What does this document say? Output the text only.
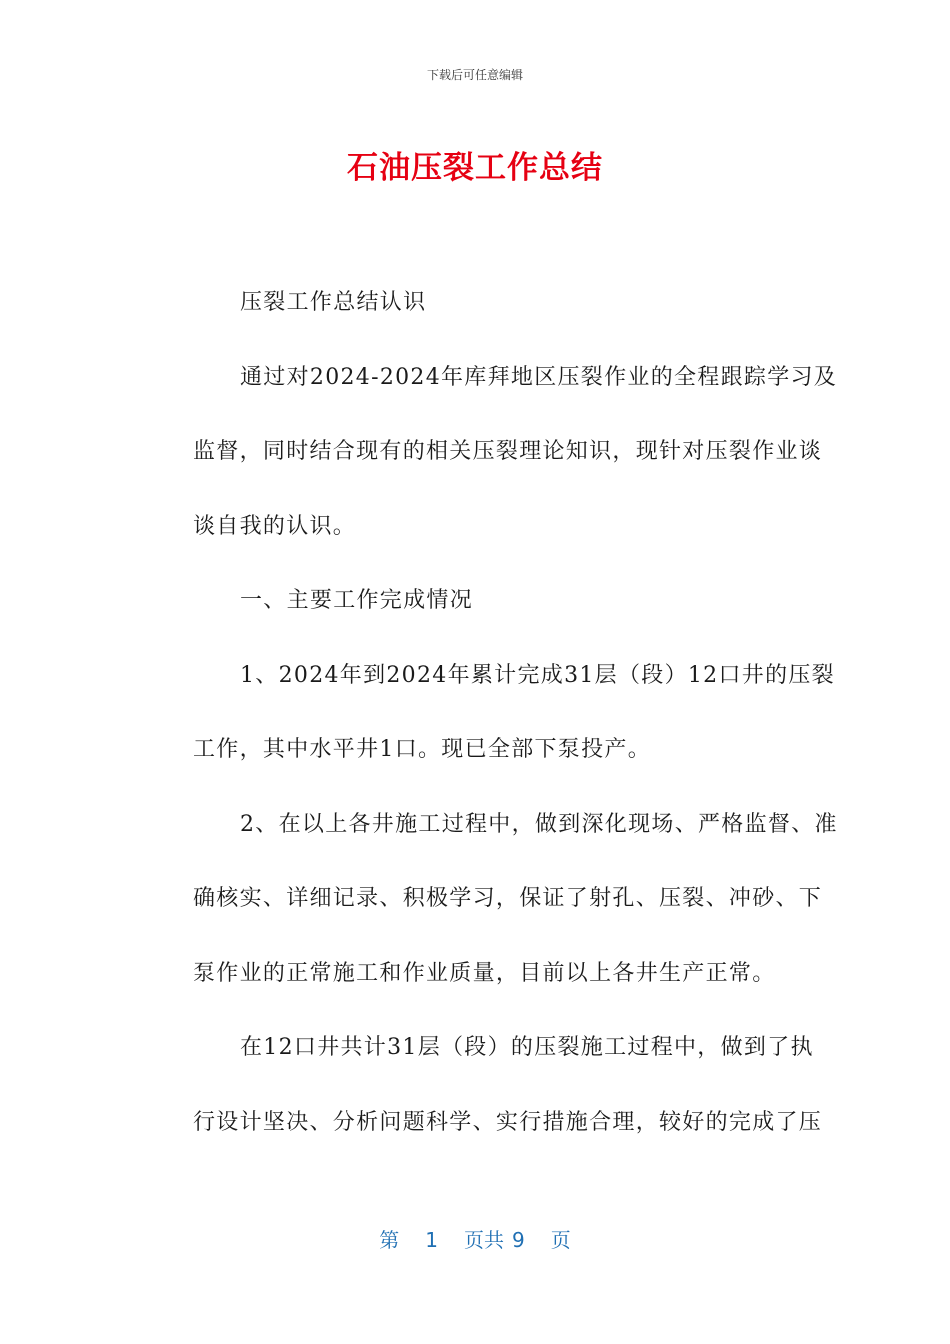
下载后可任意编辑
石油压裂工作总结
压裂工作总结认识
通过对2024-2024年库拜地区压裂作业的全程跟踪学习及
监督，同时结合现有的相关压裂理论知识，现针对压裂作业谈
谈自我的认识。
一、主要工作完成情况
1、2024年到2024年累计完成31层（段）12口井的压裂
工作，其中水平井1口。现已全部下泵投产。
2、在以上各井施工过程中，做到深化现场、严格监督、准
确核实、详细记录、积极学习，保证了射孔、压裂、冲砂、下
泵作业的正常施工和作业质量，目前以上各井生产正常。
在12口井共计31层（段）的压裂施工过程中，做到了执
行设计坚决、分析问题科学、实行措施合理，较好的完成了压
第 1 页共 9 页
